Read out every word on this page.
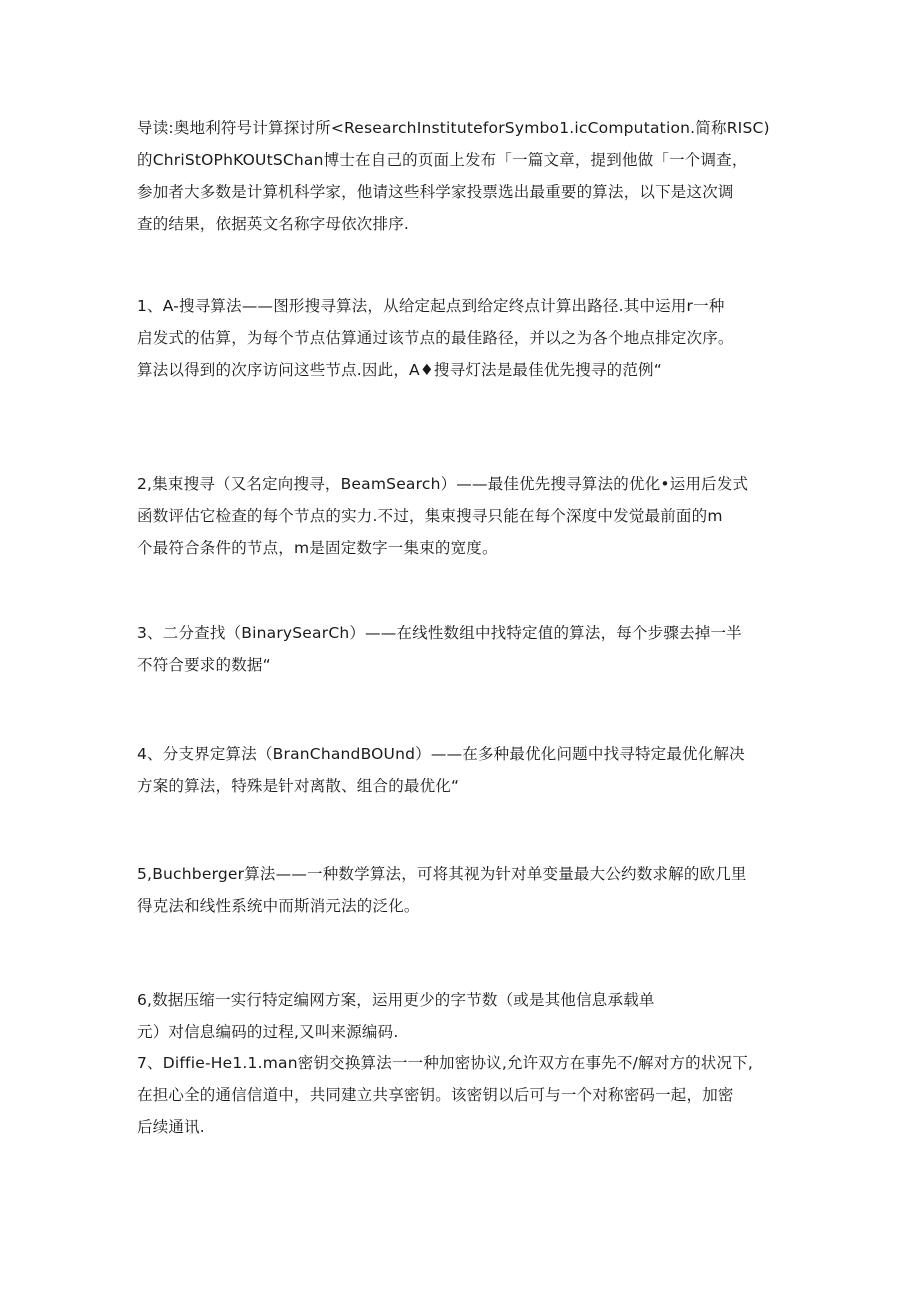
导读:奥地利符号计算探讨所<ResearchInstituteforSymbo1.icComputation.简称RISC)
的ChriStOPhKOUtSChan博士在自己的页面上发布「一篇文章，提到他做「一个调查，
参加者大多数是计算机科学家，他请这些科学家投票选出最重要的算法，以下是这次调
查的结果，依据英文名称字母依次排序.
1、A-搜寻算法——图形搜寻算法，从给定起点到给定终点计算出路径.其中运用r一种
启发式的估算，为每个节点估算通过该节点的最佳路径，并以之为各个地点排定次序。
算法以得到的次序访问这些节点.因此，A♦搜寻灯法是最佳优先搜寻的范例“
2,集束搜寻（又名定向搜寻，BeamSearch）——最佳优先搜寻算法的优化•运用后发式
函数评估它检查的每个节点的实力.不过，集束搜寻只能在每个深度中发觉最前面的m
个最符合条件的节点，m是固定数字一集束的宽度。
3、二分查找（BinarySearCh）——在线性数组中找特定值的算法，每个步骤去掉一半
不符合要求的数据“
4、分支界定算法（BranChandBOUnd）——在多种最优化问题中找寻特定最优化解决
方案的算法，特殊是针对离散、组合的最优化“
5,Buchberger算法——一种数学算法，可将其视为针对单变量最大公约数求解的欧几里
得克法和线性系统中而斯消元法的泛化。
6,数据压缩一实行特定编网方案，运用更少的字节数（或是其他信息承载单
元）对信息编码的过程,又叫来源编码.
7、Diffie-He1.1.man密钥交换算法一一种加密协议,允许双方在事先不/解对方的状况下,
在担心全的通信信道中，共同建立共享密钥。该密钥以后可与一个对称密码一起，加密
后续通讯.
